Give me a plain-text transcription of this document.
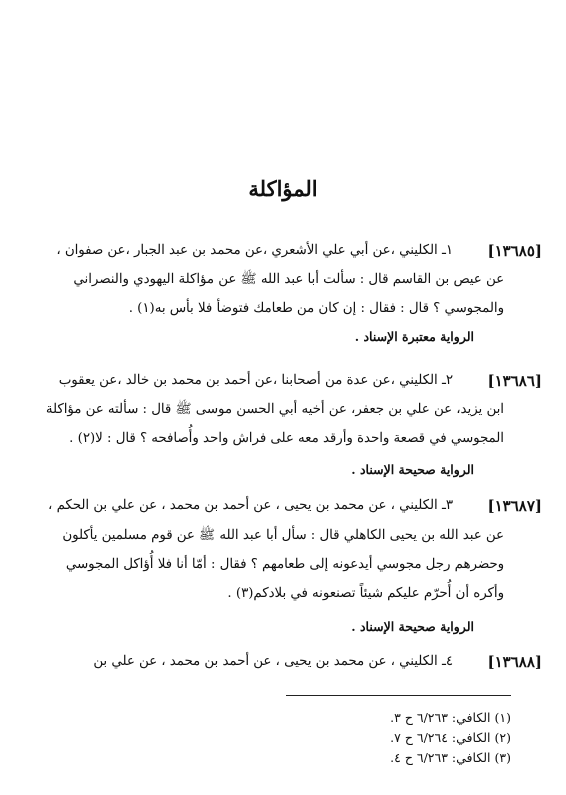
المؤاكلة
[١٣٦٨٥]
١ـ الكليني ،عن أبي علي الأشعري ،عن محمد بن عبد الجبار ،عن صفوان ،
عن عيص بن القاسم قال : سألت أبا عبد الله ﷺ عن مؤاكلة اليهودي والنصراني
والمجوسي ؟ قال : فقال : إن كان من طعامك فتوضأ فلا بأس به(١) .
الرواية معتبرة الإسناد .
[١٣٦٨٦]
٢ـ الكليني ،عن عدة من أصحابنا ،عن أحمد بن محمد بن خالد ،عن يعقوب
ابن يزيد، عن علي بن جعفر، عن أخيه أبي الحسن موسى ﷺ قال : سألته عن مؤاكلة
المجوسي في قصعة واحدة وأرقد معه على فراش واحد وأُصافحه ؟ قال : لا(٢) .
الرواية صحيحة الإسناد .
[١٣٦٨٧]
٣ـ الكليني ، عن محمد بن يحيى ، عن أحمد بن محمد ، عن علي بن الحكم ،
عن عبد الله بن يحيى الكاهلي قال : سأل أبا عبد الله ﷺ عن قوم مسلمين يأكلون
وحضرهم رجل مجوسي أيدعونه إلى طعامهم ؟ فقال : أمّا أنا فلا أُؤاكل المجوسي
وأكره أن أُحرّم عليكم شيئاً تصنعونه في بلادكم(٣) .
الرواية صحيحة الإسناد .
[١٣٦٨٨]
٤ـ الكليني ، عن محمد بن يحيى ، عن أحمد بن محمد ، عن علي بن
(١) الكافي: ٦/٢٦٣ ح ٣.
(٢) الكافي: ٦/٢٦٤ ح ٧.
(٣) الكافي: ٦/٢٦٣ ح ٤.
